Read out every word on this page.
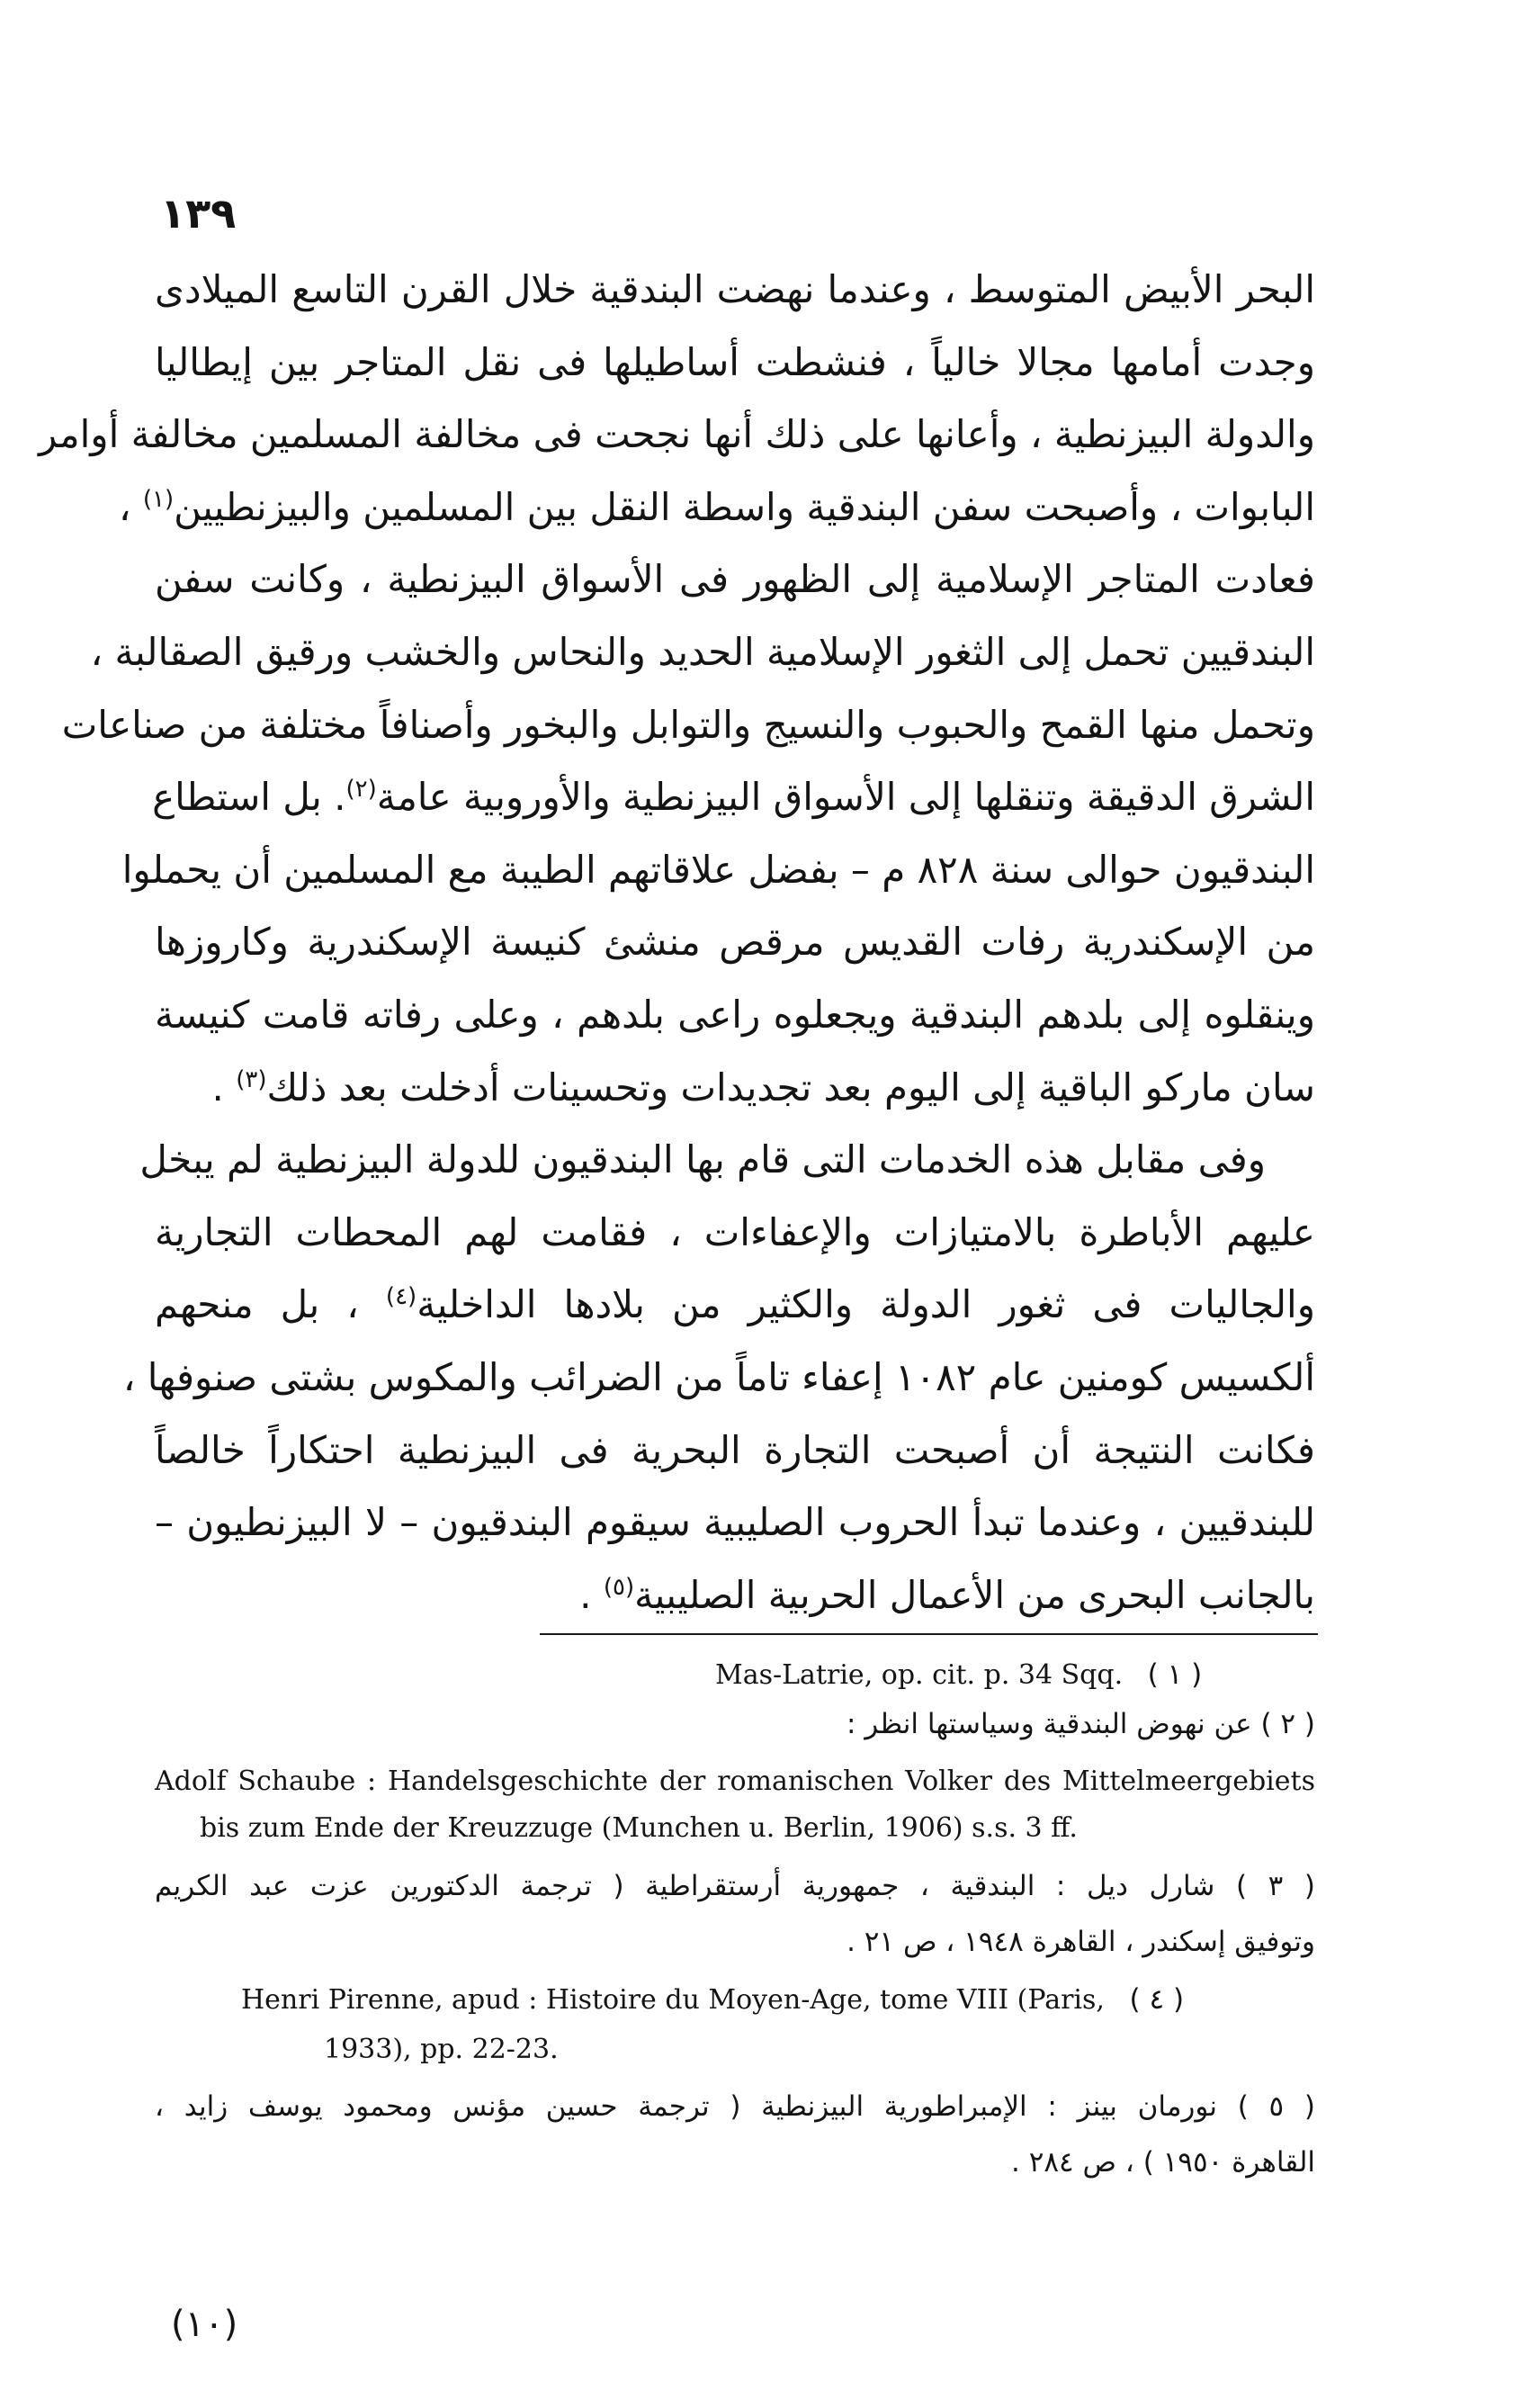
١٣٩
البحر الأبيض المتوسط ، وعندما نهضت البندقية خلال القرن التاسع الميلادى
وجدت أمامها مجالا خالياً ، فنشطت أساطيلها فى نقل المتاجر بين إيطاليا
والدولة البيزنطية ، وأعانها على ذلك أنها نجحت فى مخالفة المسلمين مخالفة أوامر
البابوات ، وأصبحت سفن البندقية واسطة النقل بين المسلمين والبيزنطيين$^{(١)}$ ،
فعادت المتاجر الإسلامية إلى الظهور فى الأسواق البيزنطية ، وكانت سفن
البندقيين تحمل إلى الثغور الإسلامية الحديد والنحاس والخشب ورقيق الصقالبة ،
وتحمل منها القمح والحبوب والنسيج والتوابل والبخور وأصنافاً مختلفة من صناعات
الشرق الدقيقة وتنقلها إلى الأسواق البيزنطية والأوروبية عامة$^{(٢)}$. بل استطاع
البندقيون حوالى سنة ٨٢٨ م – بفضل علاقاتهم الطيبة مع المسلمين أن يحملوا
من الإسكندرية رفات القديس مرقص منشئ كنيسة الإسكندرية وكاروزها
وينقلوه إلى بلدهم البندقية ويجعلوه راعى بلدهم ، وعلى رفاته قامت كنيسة
سان ماركو الباقية إلى اليوم بعد تجديدات وتحسينات أدخلت بعد ذلك$^{(٣)}$ .
وفى مقابل هذه الخدمات التى قام بها البندقيون للدولة البيزنطية لم يبخل
عليهم الأباطرة بالامتيازات والإعفاءات ، فقامت لهم المحطات التجارية
والجاليات فى ثغور الدولة والكثير من بلادها الداخلية$^{(٤)}$ ، بل منحهم
ألكسيس كومنين عام ١٠٨٢ إعفاء تاماً من الضرائب والمكوس بشتى صنوفها ،
فكانت النتيجة أن أصبحت التجارة البحرية فى البيزنطية احتكاراً خالصاً
للبندقيين ، وعندما تبدأ الحروب الصليبية سيقوم البندقيون – لا البيزنطيون –
بالجانب البحرى من الأعمال الحربية الصليبية$^{(٥)}$ .
Mas-Latrie, op. cit. p. 34 Sqq. ( ١ )
( ٢ ) عن نهوض البندقية وسياستها انظر :
Adolf Schaube : Handelsgeschichte der romanischen Volker des Mittelmeergebiets
bis zum Ende der Kreuzzuge (Munchen u. Berlin, 1906) s.s. 3 ff.
( ٣ ) شارل ديل : البندقية ، جمهورية أرستقراطية ( ترجمة الدكتورين عزت عبد الكريم
وتوفيق إسكندر ، القاهرة ١٩٤٨ ، ص ٢١ .
Henri Pirenne, apud : Histoire du Moyen-Age, tome VIII (Paris, ( ٤ )
1933), pp. 22-23.
( ٥ ) نورمان بينز : الإمبراطورية البيزنطية ( ترجمة حسين مؤنس ومحمود يوسف زايد ،
القاهرة ١٩٥٠ ) ، ص ٢٨٤ .
(١٠)
